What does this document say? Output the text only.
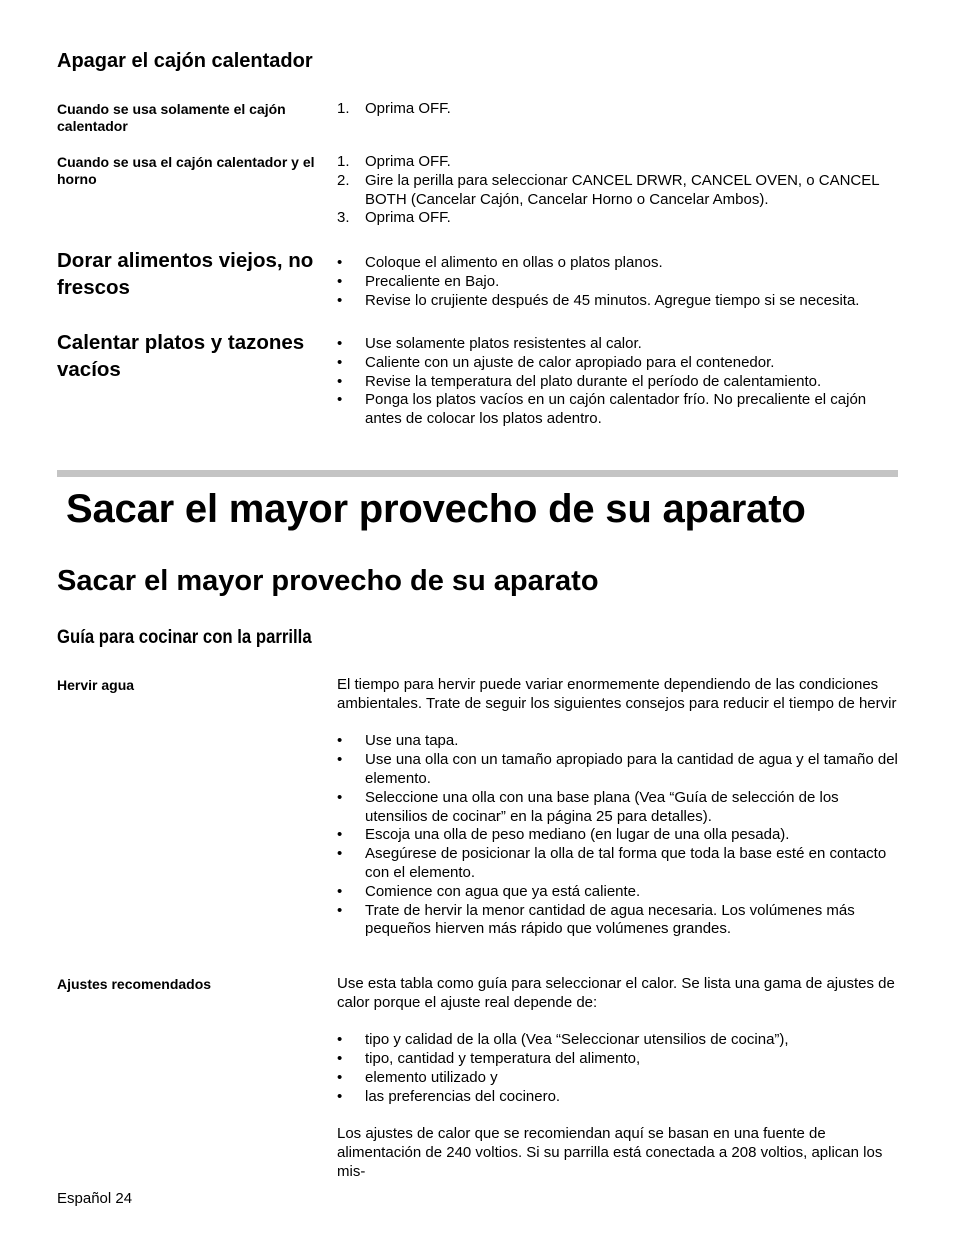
Apagar el cajón calentador

Cuando se usa solamente el cajón calentador

1.	Oprima OFF.

Cuando se usa el cajón calentador y el horno

1.	Oprima OFF.
2.	Gire la perilla para seleccionar CANCEL DRWR, CANCEL OVEN, o CANCEL BOTH (Cancelar Cajón, Cancelar Horno o Cancelar Ambos).
3.	Oprima OFF.
Dorar alimentos viejos, no frescos
•	Coloque el alimento en ollas o platos planos.
•	Precaliente en Bajo.
•	Revise lo crujiente después de 45 minutos. Agregue tiempo si se necesita.
Calentar platos y tazones vacíos
•	Use solamente platos resistentes al calor.
•	Caliente con un ajuste de calor apropiado para el contenedor.
•	Revise la temperatura del plato durante el período de calentamiento.
•	Ponga los platos vacíos en un cajón calentador frío. No precaliente el cajón antes de colocar los platos adentro.
Sacar el mayor provecho de su aparato
Sacar el mayor provecho de su aparato
Guía para cocinar con la parrilla

Hervir agua	El tiempo para hervir puede variar enormemente dependiendo de las condiciones ambientales. Trate de seguir los siguientes consejos para reducir el tiempo de hervir

•	Use una tapa.
•	Use una olla con un tamaño apropiado para la cantidad de agua y el tamaño del elemento.
•	Seleccione una olla con una base plana (Vea “Guía de selección de los utensilios de cocinar” en la página 25 para detalles).
•	Escoja una olla de peso mediano (en lugar de una olla pesada).
•	Asegúrese de posicionar la olla de tal forma que toda la base esté en contacto con el elemento.
•	Comience con agua que ya está caliente.
•	Trate de hervir la menor cantidad de agua necesaria. Los volúmenes más pequeños hierven más rápido que volúmenes grandes.

Ajustes recomendados	Use esta tabla como guía para seleccionar el calor. Se lista una gama de ajustes de calor porque el ajuste real depende de:

•	tipo y calidad de la olla (Vea “Seleccionar utensilios de cocina”),
•	tipo, cantidad y temperatura del alimento,
•	elemento utilizado y
•	las preferencias del cocinero.

Los ajustes de calor que se recomiendan aquí se basan en una fuente de alimentación de 240 voltios. Si su parrilla está conectada a 208 voltios, aplican los mis-

Español 24
